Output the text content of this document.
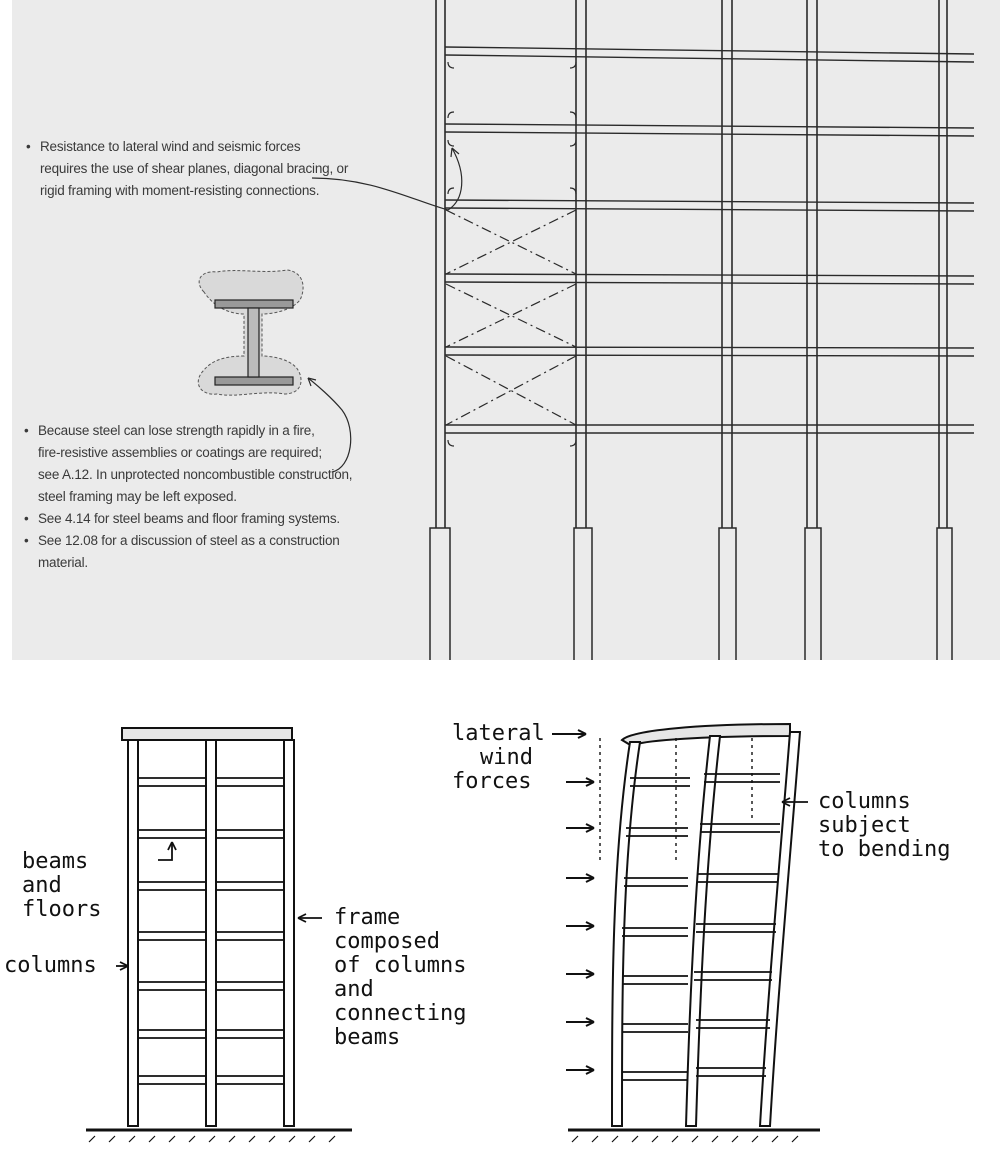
• Resistance to lateral wind and seismic forces
requires the use of shear planes, diagonal bracing, or
rigid framing with moment-resisting connections.
• Because steel can lose strength rapidly in a fire,
fire-resistive assemblies or coatings are required;
see A.12. In unprotected noncombustible construction,
steel framing may be left exposed.
• See 4.14 for steel beams and floor framing systems.
• See 12.08 for a discussion of steel as a construction
material.
beams
and
floors
columns
frame
composed
of columns
and
connecting
beams
lateral
wind
forces
columns
subject
to bending
